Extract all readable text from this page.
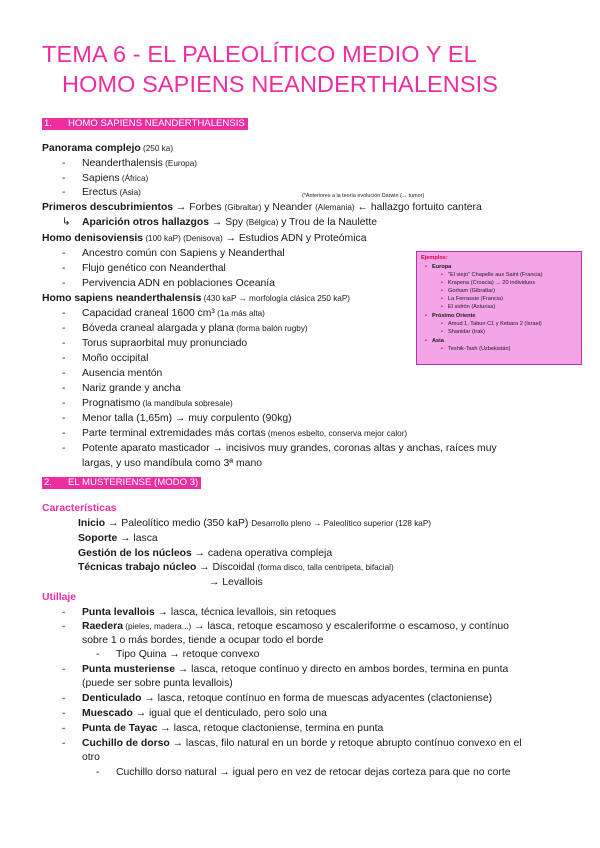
TEMA 6 - EL PALEOLÍTICO MEDIO Y EL
HOMO SAPIENS NEANDERTHALENSIS
1. HOMO SAPIENS NEANDERTHALENSIS
Panorama complejo (250 ka)
- Neanderthalensis (Europa)
- Sapiens (África)
- Erectus (Asia)	(*Anteriores a la teoría evolución Darwin (→ tumor)
Primeros descubrimientos → Forbes (Gibraltar) y Neander (Alemania) ← hallazgo fortuito cantera
↳ Aparición otros hallazgos → Spy (Bélgica) y Trou de la Naulette
Homo denisoviensis (100 kaP) (Denisova) → Estudios ADN y Proteómica
- Ancestro común con Sapiens y Neanderthal
- Flujo genético con Neanderthal
- Pervivencia ADN en poblaciones Oceanía
Homo sapiens neanderthalensis (430 kaP → morfología clásica 250 kaP)
- Capacidad craneal 1600 cm³ (1a más alta)
- Bóveda craneal alargada y plana (forma balón rugby)
- Torus supraorbital muy pronunciado
- Moño occipital
- Ausencia mentón
- Nariz grande y ancha
- Prognatismo (la mandíbula sobresale)
- Menor talla (1,65m) → muy corpulento (90kg)
- Parte terminal extremidades más cortas (menos esbelto, conserva mejor calor)
- Potente aparato masticador → incisivos muy grandes, coronas altas y anchas, raíces muy
largas, y uso mandíbula como 3ª mano
Ejemplos:
• Europa
▪ "El viejo" Chapelle aux Saint (Francia)
▪ Krapena (Croacia) → 20 individuos
▪ Gorham (Gibraltar)
▪ La Ferrassie (Francia)
▪ El sidrón (Asturias)
• Próximo Oriente
▪ Amud 1, Tabun C1 y Kebara 2 (Israel)
▪ Shanidar (Irak)
• Asia
▪ Teshik-Tash (Uzbekistán)
2. EL MUSTERIENSE (MODO 3)
Características
Inicio → Paleolítico medio (350 kaP) Desarrollo pleno → Paleolítico superior (128 kaP)
Soporte → lasca
Gestión de los núcleos → cadena operativa compleja
Técnicas trabajo núcleo → Discoidal (forma disco, talla centrípeta, bifacial)
→ Levallois
Utillaje
- Punta levallois → lasca, técnica levallois, sin retoques
- Raedera (pieles, madera...) → lasca, retoque escamoso y escaleriforme o escamoso, y contínuo
sobre 1 o más bordes, tiende a ocupar todo el borde
- Tipo Quina → retoque convexo
- Punta musteriense → lasca, retoque contínuo y directo en ambos bordes, termina en punta
(puede ser sobre punta levallois)
- Denticulado → lasca, retoque contínuo en forma de muescas adyacentes (clactoniense)
- Muescado → igual que el denticulado, pero solo una
- Punta de Tayac → lasca, retoque clactoniense, termina en punta
- Cuchillo de dorso → lascas, filo natural en un borde y retoque abrupto contínuo convexo en el
otro
- Cuchillo dorso natural → igual pero en vez de retocar dejas corteza para que no corte
